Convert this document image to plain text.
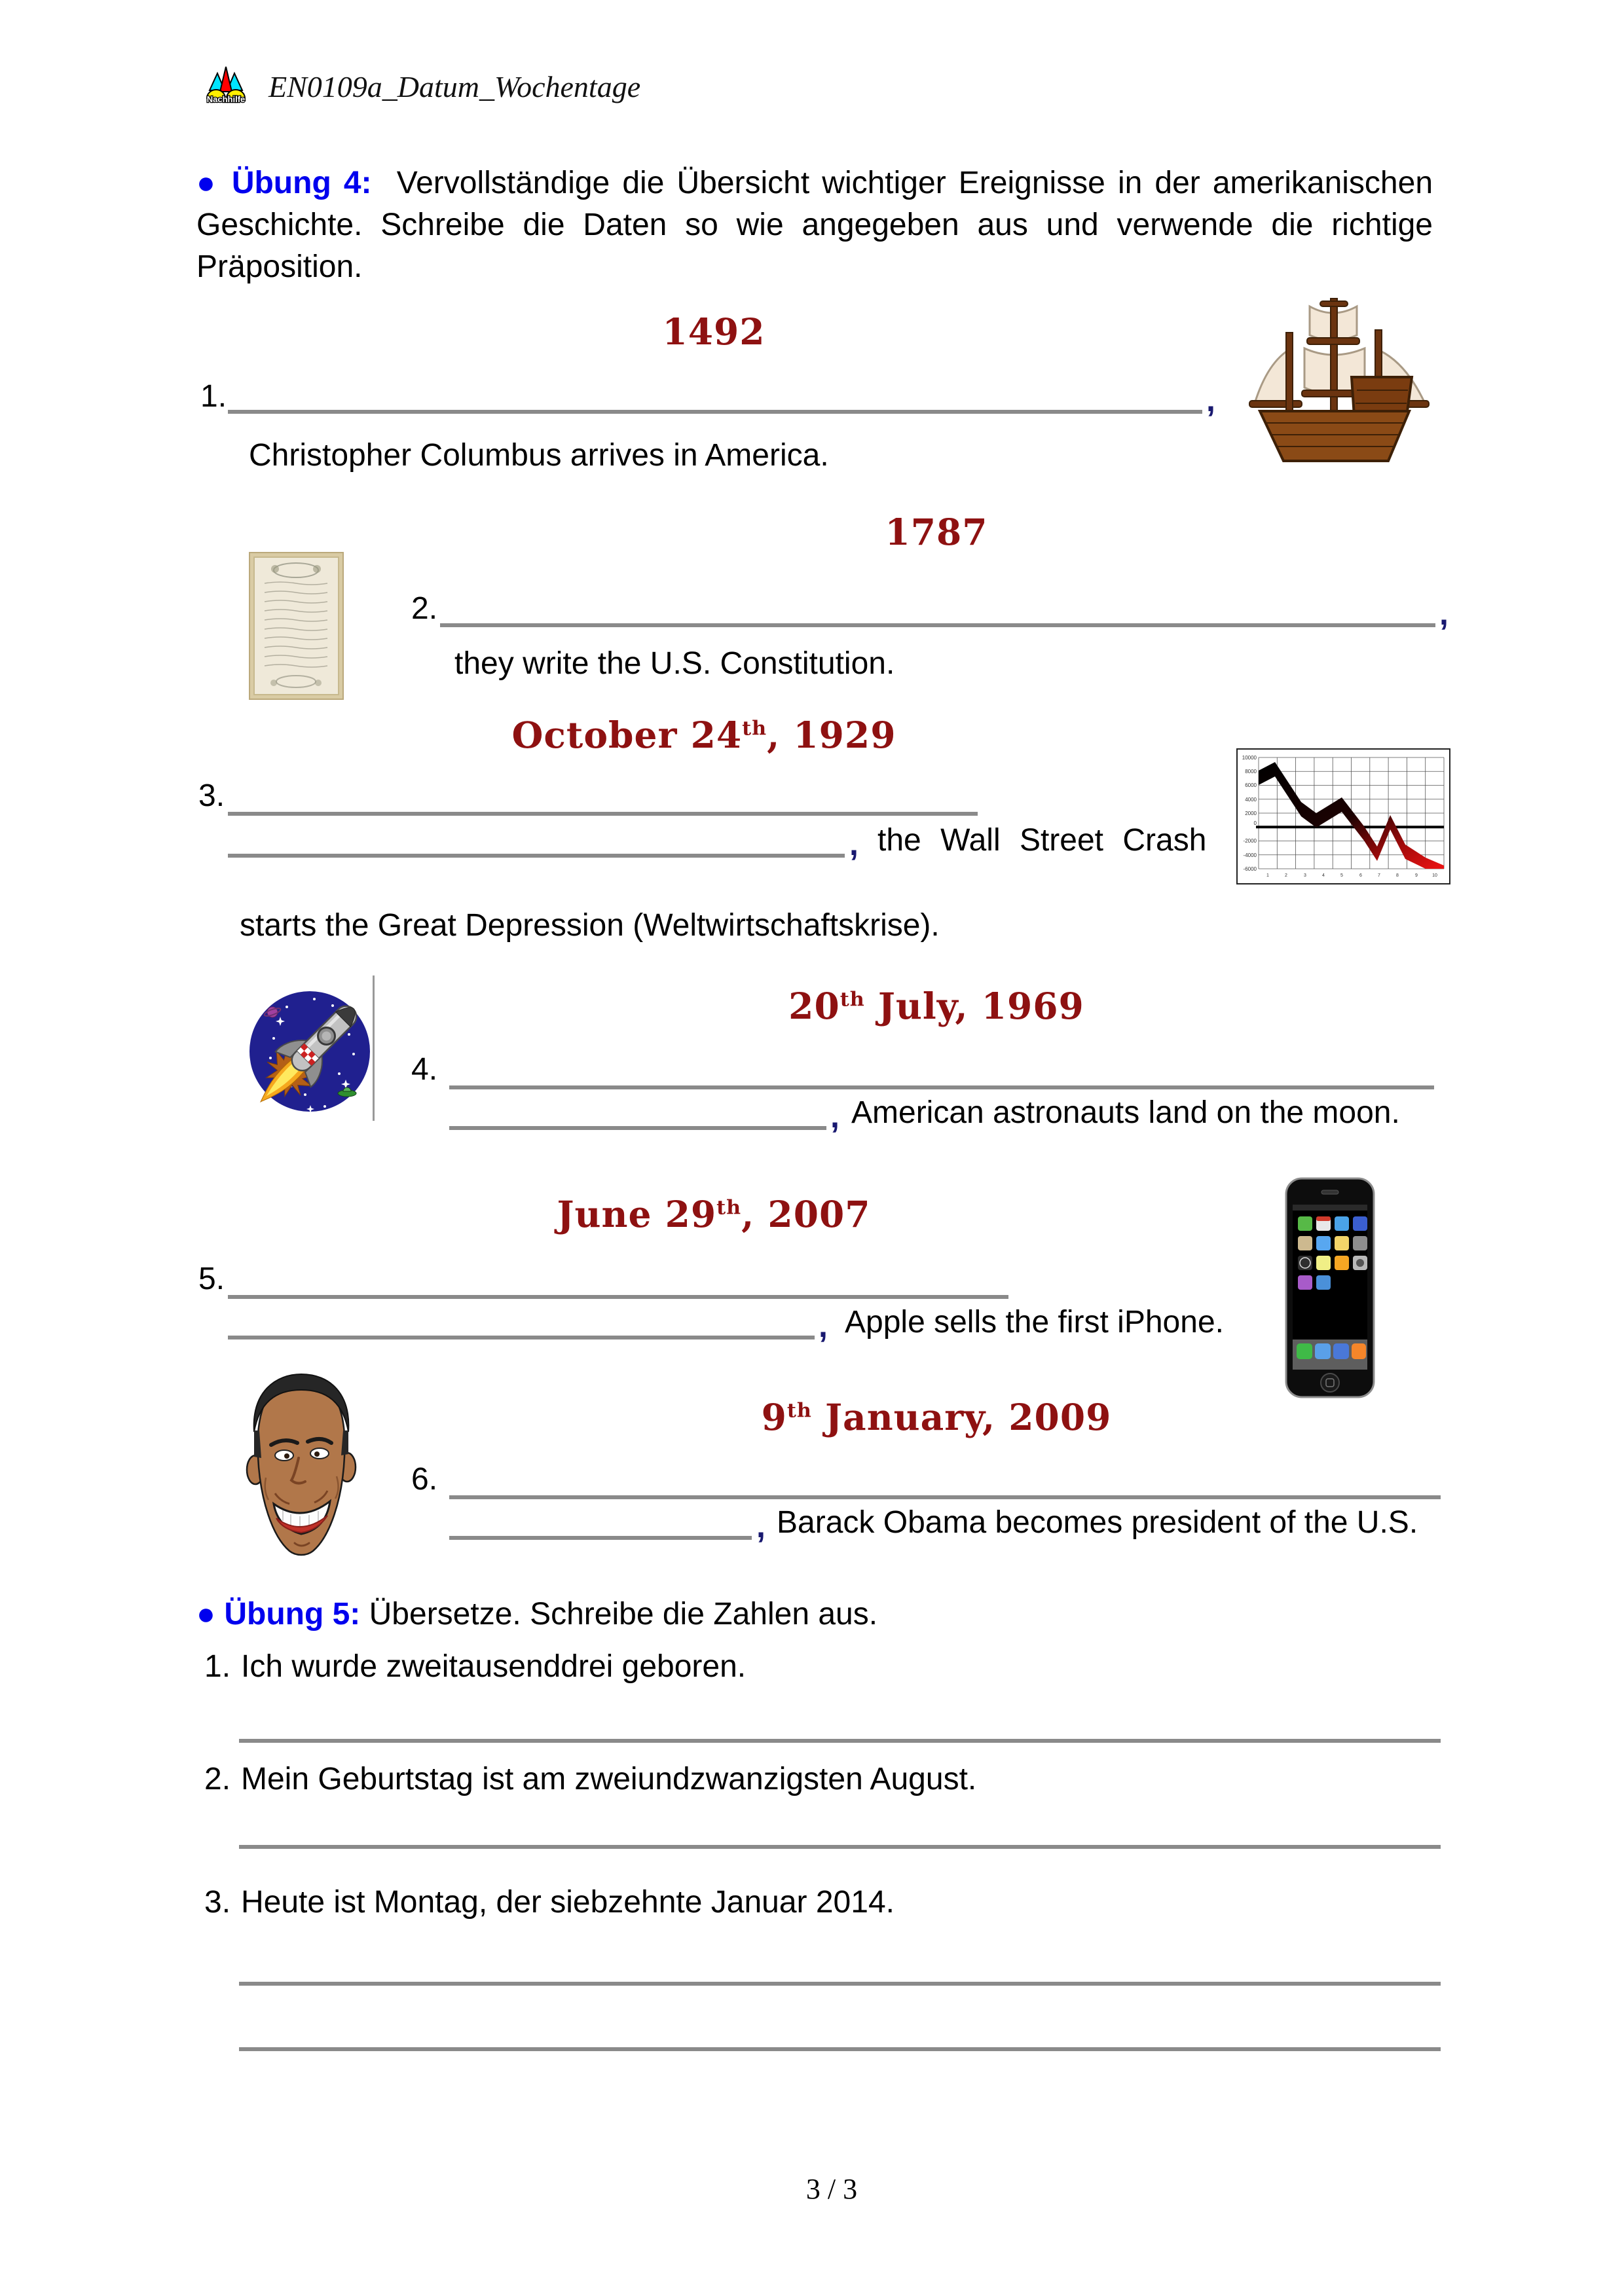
Nachhilfe EN0109a_Datum_Wochentage
● Übung 4: Vervollständige die Übersicht wichtiger Ereignisse in der amerikanischen
Geschichte. Schreibe die Daten so wie angegeben aus und verwende die richtige
Präposition.
1492
1.	,
Christopher Columbus arrives in America.
1787
2.	,
they write the U.S. Constitution.
October 24th, 1929
3.
, the Wall Street Crash
starts the Great Depression (Weltwirtschaftskrise).
10000
8000
6000
4000
2000
0
-2000
-4000
-6000
1	2	3	4	5	6	7	8	9	10
20th July, 1969
4.
, American astronauts land on the moon.
June 29th, 2007
5.
, Apple sells the first iPhone.
9th January, 2009
6.
, Barack Obama becomes president of the U.S.
● Übung 5: Übersetze. Schreibe die Zahlen aus.
1. Ich wurde zweitausenddrei geboren.
2. Mein Geburtstag ist am zweiundzwanzigsten August.
3. Heute ist Montag, der siebzehnte Januar 2014.
3 / 3
